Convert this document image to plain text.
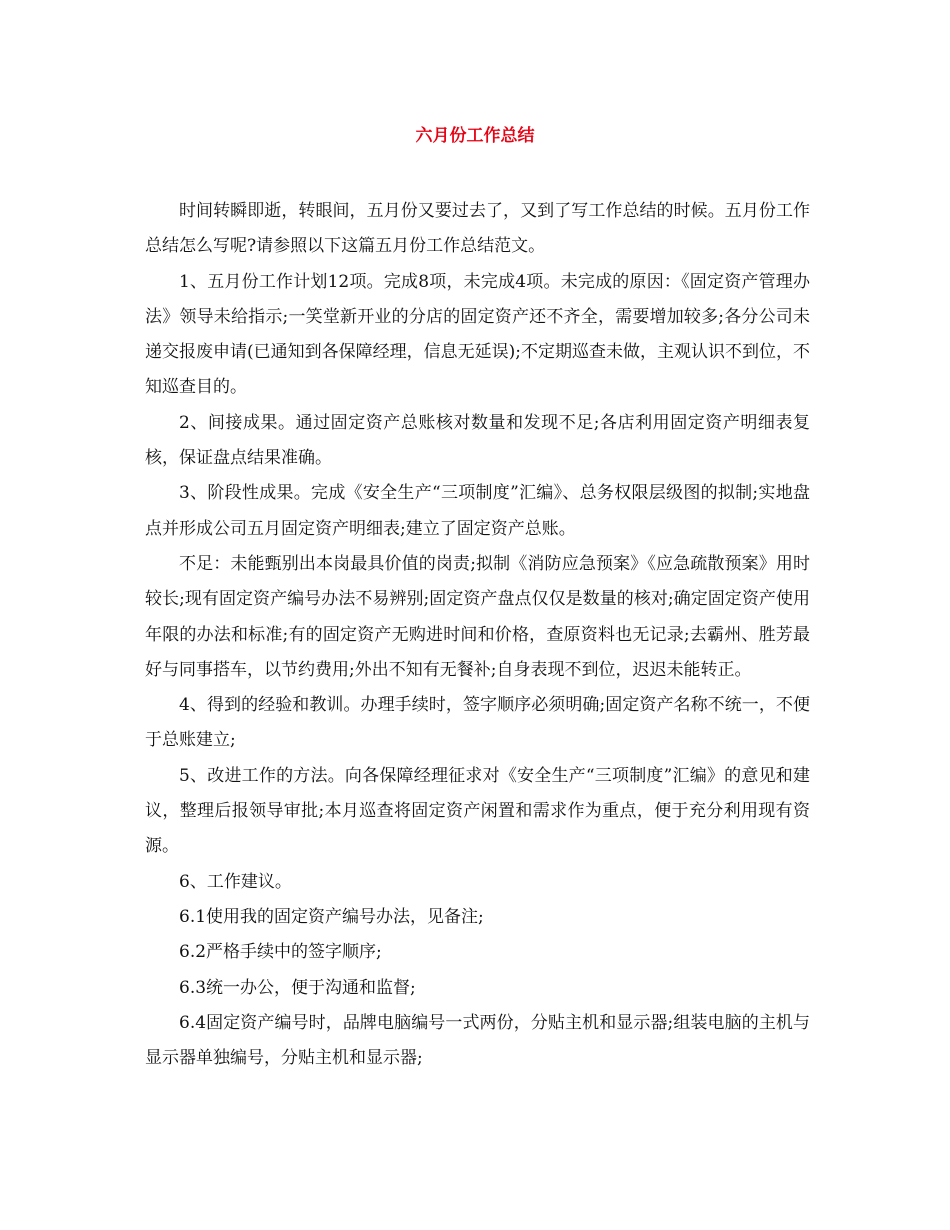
六月份工作总结

时间转瞬即逝，转眼间，五月份又要过去了，又到了写工作总结的时候。五月份工作总结怎么写呢?请参照以下这篇五月份工作总结范文。

1、五月份工作计划12项。完成8项，未完成4项。未完成的原因：《固定资产管理办法》领导未给指示;一笑堂新开业的分店的固定资产还不齐全，需要增加较多;各分公司未递交报废申请(已通知到各保障经理，信息无延误);不定期巡查未做，主观认识不到位，不知巡查目的。

2、间接成果。通过固定资产总账核对数量和发现不足;各店利用固定资产明细表复核，保证盘点结果准确。

3、阶段性成果。完成《安全生产“三项制度”汇编》、总务权限层级图的拟制;实地盘点并形成公司五月固定资产明细表;建立了固定资产总账。

不足：未能甄别出本岗最具价值的岗责;拟制《消防应急预案》《应急疏散预案》用时较长;现有固定资产编号办法不易辨别;固定资产盘点仅仅是数量的核对;确定固定资产使用年限的办法和标准;有的固定资产无购进时间和价格，查原资料也无记录;去霸州、胜芳最好与同事搭车，以节约费用;外出不知有无餐补;自身表现不到位，迟迟未能转正。

4、得到的经验和教训。办理手续时，签字顺序必须明确;固定资产名称不统一，不便于总账建立;

5、改进工作的方法。向各保障经理征求对《安全生产“三项制度”汇编》的意见和建议，整理后报领导审批;本月巡查将固定资产闲置和需求作为重点，便于充分利用现有资源。

6、工作建议。

6.1使用我的固定资产编号办法，见备注;

6.2严格手续中的签字顺序;

6.3统一办公，便于沟通和监督;

6.4固定资产编号时，品牌电脑编号一式两份，分贴主机和显示器;组装电脑的主机与显示器单独编号，分贴主机和显示器;
